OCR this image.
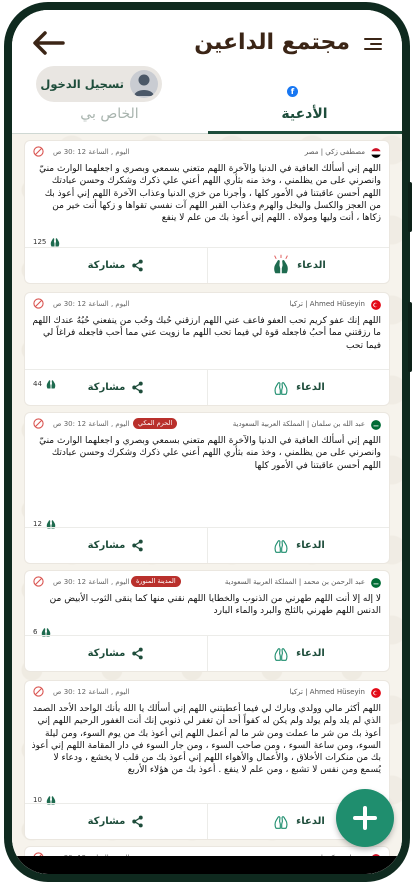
مجتمع الداعين
تسجيل الدخول
f
الخاص بي	الأدعية
مصطفى زكي | مصر
اليوم , الساعة 12 :30 ص
اللهم إني أسألك العافية في الدنيا والآخرة اللهم متعني بسمعي وبصري و اجعلهما الوارث منيّ وانصرني على من يظلمني ، وخذ منه بثأري اللهم أعني علي ذكرك وشكرك وحسن عبادتك اللهم أحسن عاقبتنا في الأمور كلها ، وأجرنا من خزي الدنيا وعذاب الآخرة اللهم إني أعوذ بك من العجز والكسل والبخل والهرم وعذاب القبر اللهم آت نفسي تقواها و زكها أنت خير من زكاها ، أنت وليها ومولاه . اللهم إني أعوذ بك من علم لا ينفع
125
مشاركة	الدعاء
Ahmed Hüseyin | تركيا
اليوم , الساعة 12 :30 ص
اللهم إنك عفو كريم تحب العفو فاعف عني اللهم ارزقني حُبك وحُب من ينفعني حُبُهُ عندك اللهم ما رزقتني مما أحبُ فاجعله قوة لي فيما تحب اللهم ما زويت عني مما أحب فاجعله فراغاً لي فيما تحب
44	مشاركة	الدعاء
عبد الله بن سلمان | المملكة العربية السعودية
الحرم المكي
اليوم , الساعة 12 :30 ص
اللهم إني أسألك العافية في الدنيا والآخرة اللهم متعني بسمعي وبصري و اجعلهما الوارث منيّ وانصرني على من يظلمني ، وخذ منه بثأري اللهم أعني علي ذكرك وشكرك وحسن عبادتك اللهم أحسن عاقبتنا في الأمور كلها
12
مشاركة	الدعاء
عبد الرحمن بن محمد | المملكة العربية السعودية
المدينة المنورة
اليوم , الساعة 12 :30 ص
لا إله إلا أنت اللهم طهرني من الذنوب والخطايا اللهم نقني منها كما ينقى الثوب الأبيض من الدنس اللهم طهرني بالثلج والبرد والماء البارد
6
مشاركة	الدعاء
Ahmed Hüseyin | تركيا
اليوم , الساعة 12 :30 ص
اللهم أكثر مالي وولدي وبارك لي فيما أعطيتني اللهم إني أسألك يا الله بأنك الواحد الأحد الصمد الذي لم يلد ولم يولد ولم يكن له كفواً أحد أن تغفر لي ذنوبي إنك أنت الغفور الرحيم اللهم إني أعوذ بك من شر ما عملت ومن شر ما لم أعمل اللهم إني أعوذ بك من يوم السوء، ومن ليلة السوء، ومن ساعة السوء ، ومن صاحب السوء ، ومن جار السوء في دار المقامة اللهم إني أعوذ بك من منكرات الأخلاق ، والأعمال والأهواء اللهم إني أعوذ بك من قلب لا يخشع ، ودعاء لا يُسمع ومن نفس لا تشبع ، ومن علم لا ينفع . أعوذ بك من هؤلاء الأربع
10
مشاركة	الدعاء
